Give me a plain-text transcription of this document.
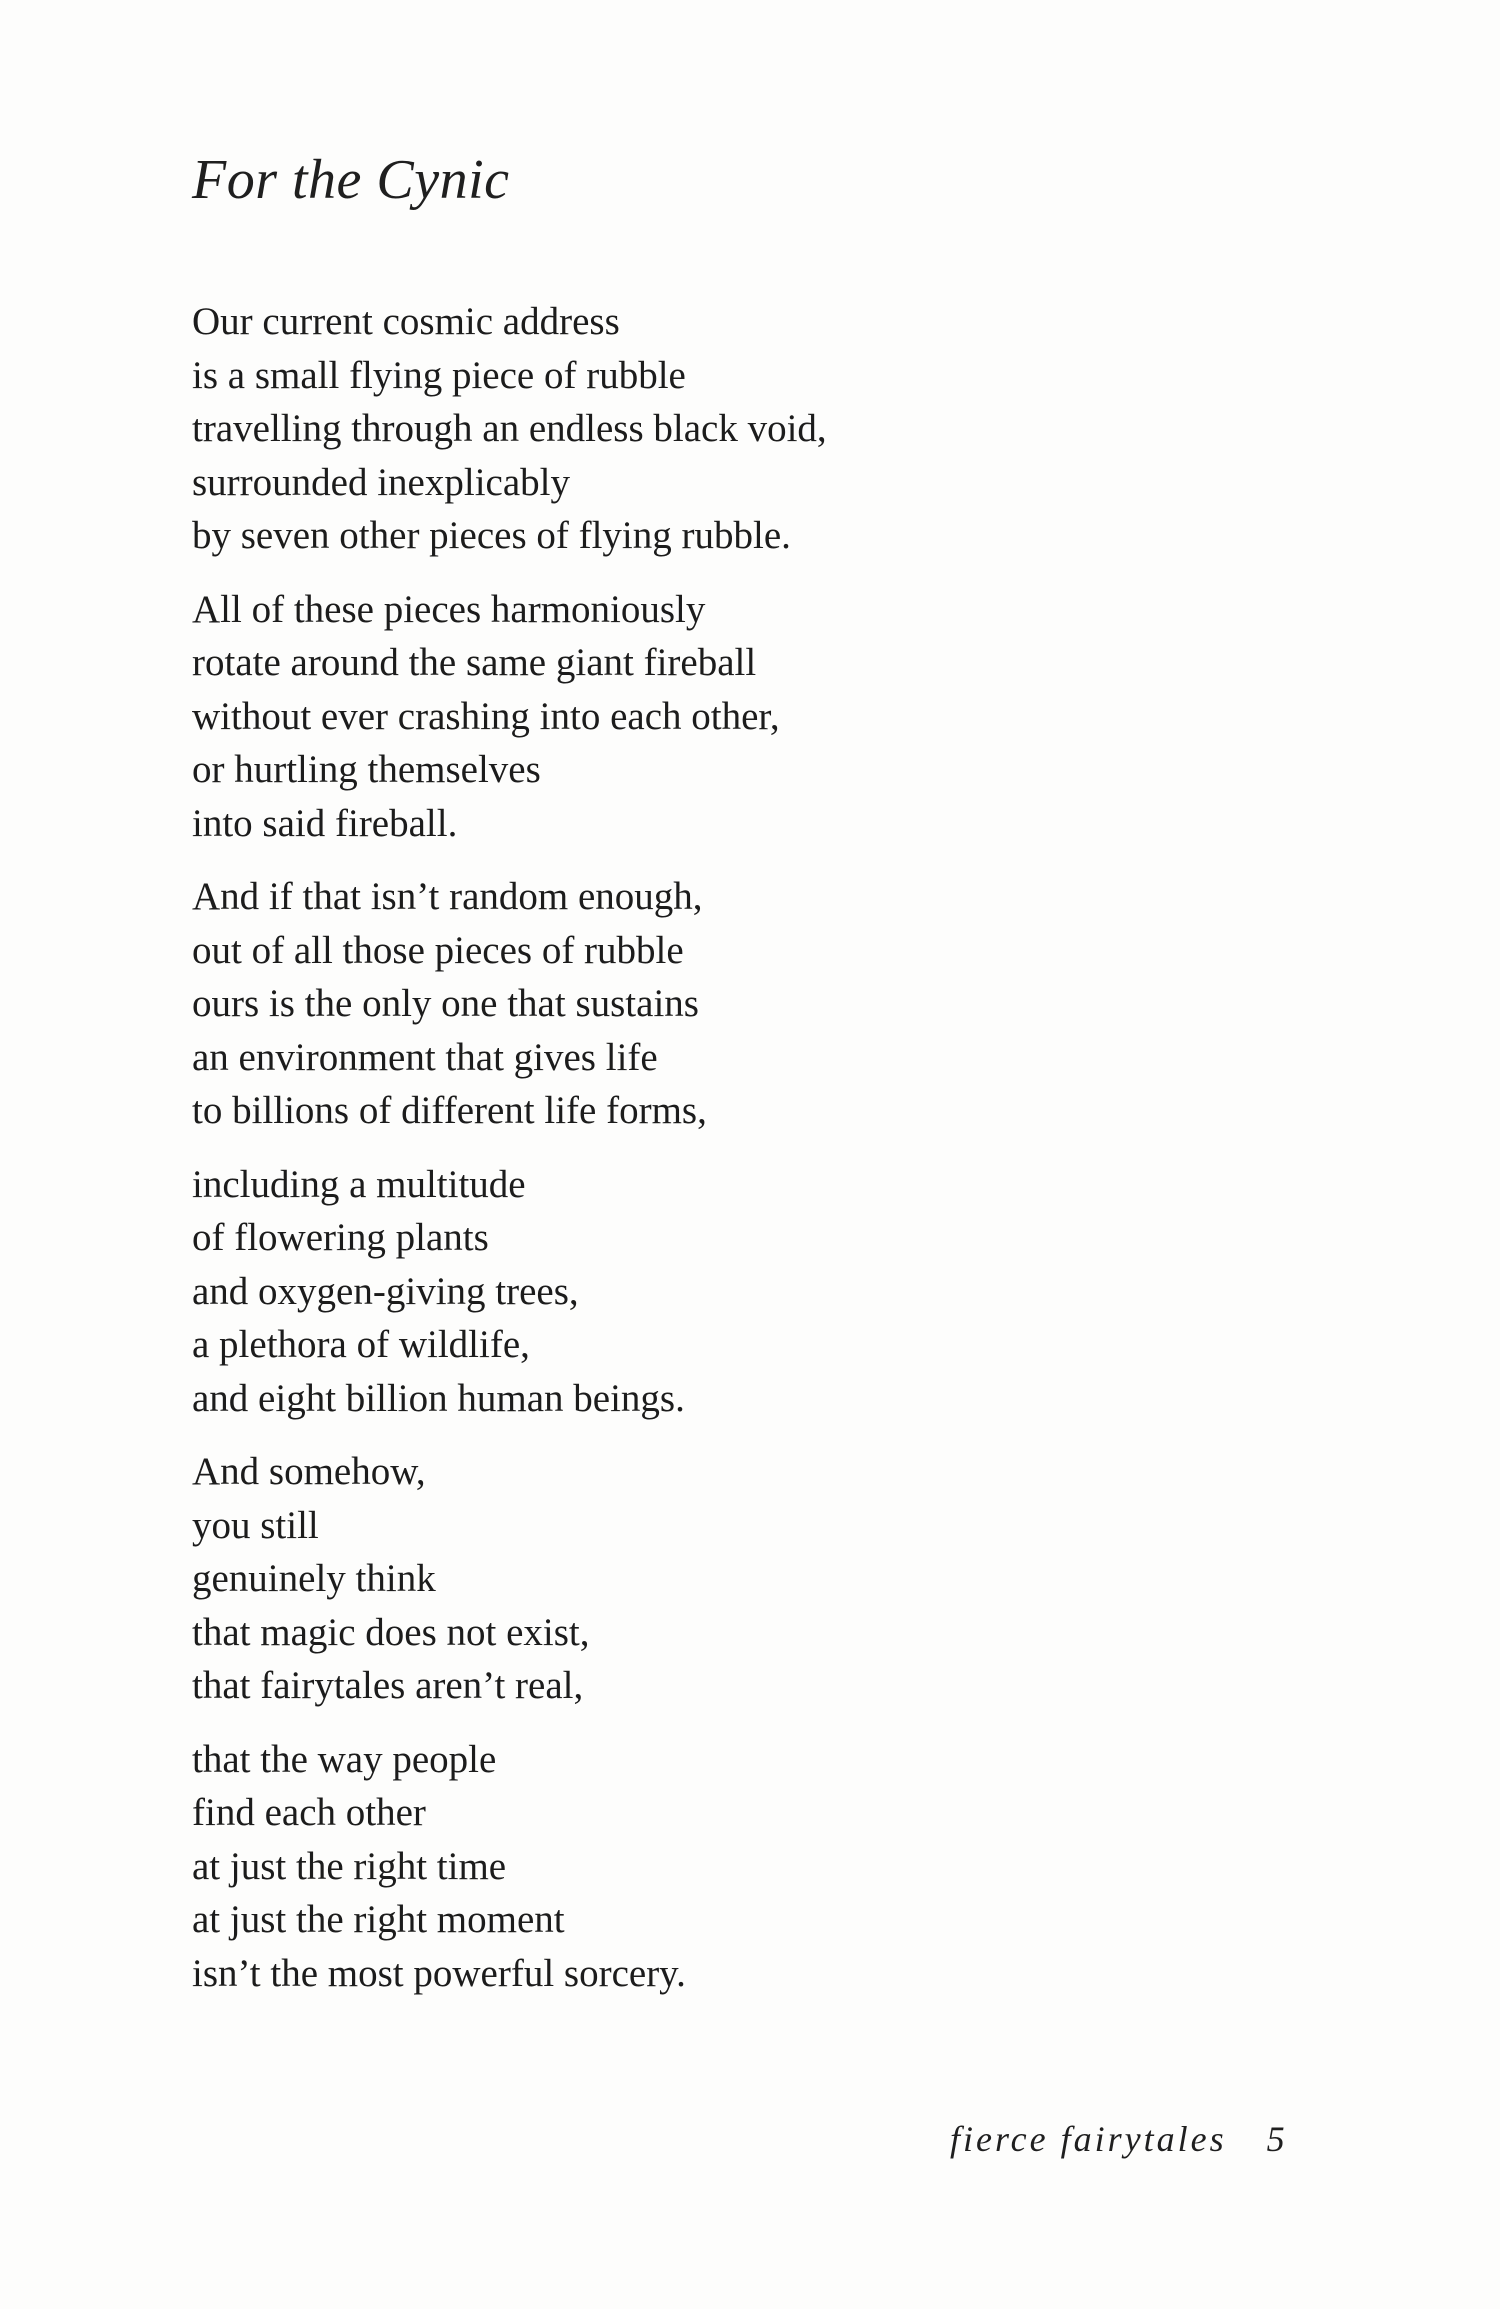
For the Cynic

Our current cosmic address
is a small flying piece of rubble
travelling through an endless black void,
surrounded inexplicably
by seven other pieces of flying rubble.

All of these pieces harmoniously
rotate around the same giant fireball
without ever crashing into each other,
or hurtling themselves
into said fireball.

And if that isn’t random enough,
out of all those pieces of rubble
ours is the only one that sustains
an environment that gives life
to billions of different life forms,

including a multitude
of flowering plants
and oxygen-giving trees,
a plethora of wildlife,
and eight billion human beings.

And somehow,
you still
genuinely think
that magic does not exist,
that fairytales aren’t real,

that the way people
find each other
at just the right time
at just the right moment
isn’t the most powerful sorcery.

fierce fairytales 5
